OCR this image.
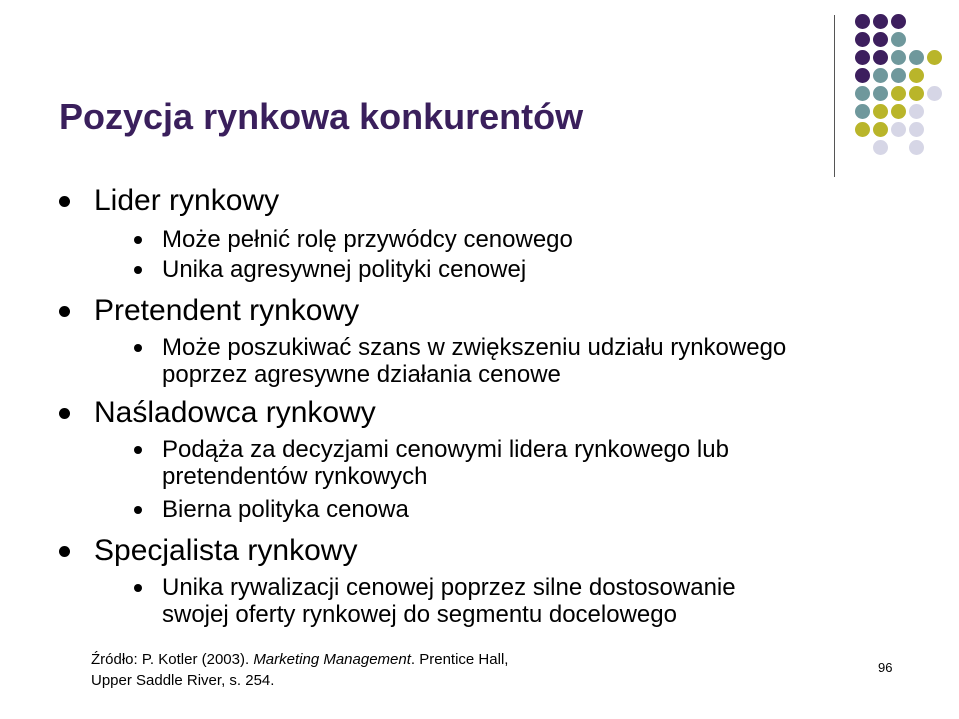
Pozycja rynkowa konkurentów
Lider rynkowy
Może pełnić rolę przywódcy cenowego
Unika agresywnej polityki cenowej
Pretendent rynkowy
Może poszukiwać szans w zwiększeniu udziału rynkowego
poprzez agresywne działania cenowe
Naśladowca rynkowy
Podąża za decyzjami cenowymi lidera rynkowego lub
pretendentów rynkowych
Bierna polityka cenowa
Specjalista rynkowy
Unika rywalizacji cenowej poprzez silne dostosowanie
swojej oferty rynkowej do segmentu docelowego
Źródło: P. Kotler (2003). Marketing Management. Prentice Hall,
Upper Saddle River, s. 254.
96
